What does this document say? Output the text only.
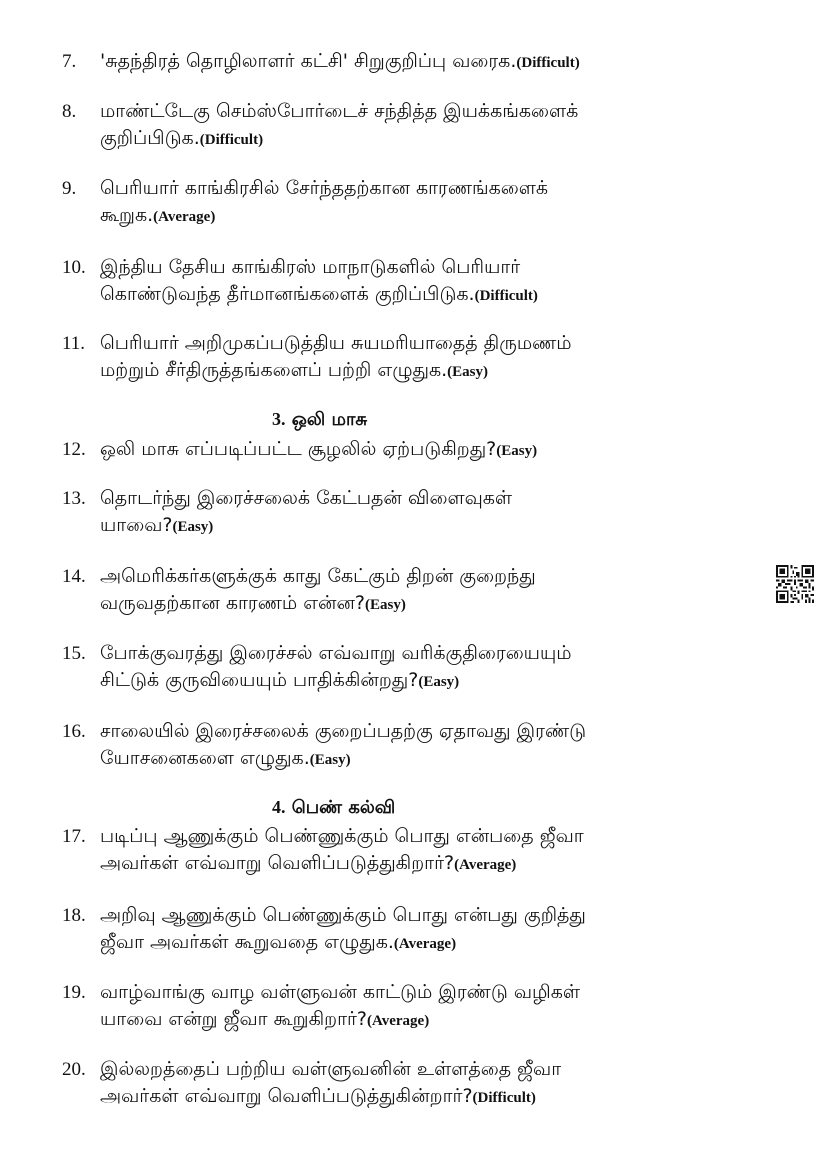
7. 'சுதந்திரத் தொழிலாளர் கட்சி' சிறுகுறிப்பு வரைக.(Difficult)
8. மாண்ட்டேகு செம்ஸ்போர்டைச் சந்தித்த இயக்கங்களைக்
குறிப்பிடுக.(Difficult)
9. பெரியார் காங்கிரசில் சேர்ந்ததற்கான காரணங்களைக்
கூறுக.(Average)
10. இந்திய தேசிய காங்கிரஸ் மாநாடுகளில் பெரியார்
கொண்டுவந்த தீர்மானங்களைக் குறிப்பிடுக.(Difficult)
11. பெரியார் அறிமுகப்படுத்திய சுயமரியாதைத் திருமணம்
மற்றும் சீர்திருத்தங்களைப் பற்றி எழுதுக.(Easy)
3. ஒலி மாசு
12. ஒலி மாசு எப்படிப்பட்ட சூழலில் ஏற்படுகிறது?(Easy)
13. தொடர்ந்து இரைச்சலைக் கேட்பதன் விளைவுகள்
யாவை?(Easy)
14. அமெரிக்கர்களுக்குக் காது கேட்கும் திறன் குறைந்து
வருவதற்கான காரணம் என்ன?(Easy)
15. போக்குவரத்து இரைச்சல் எவ்வாறு வரிக்குதிரையையும்
சிட்டுக் குருவியையும் பாதிக்கின்றது?(Easy)
16. சாலையில் இரைச்சலைக் குறைப்பதற்கு ஏதாவது இரண்டு
யோசனைகளை எழுதுக.(Easy)
4. பெண் கல்வி
17. படிப்பு ஆணுக்கும் பெண்ணுக்கும் பொது என்பதை ஜீவா
அவர்கள் எவ்வாறு வெளிப்படுத்துகிறார்?(Average)
18. அறிவு ஆணுக்கும் பெண்ணுக்கும் பொது என்பது குறித்து
ஜீவா அவர்கள் கூறுவதை எழுதுக.(Average)
19. வாழ்வாங்கு வாழ வள்ளுவன் காட்டும் இரண்டு வழிகள்
யாவை என்று ஜீவா கூறுகிறார்?(Average)
20. இல்லறத்தைப் பற்றிய வள்ளுவனின் உள்ளத்தை ஜீவா
அவர்கள் எவ்வாறு வெளிப்படுத்துகின்றார்?(Difficult)
